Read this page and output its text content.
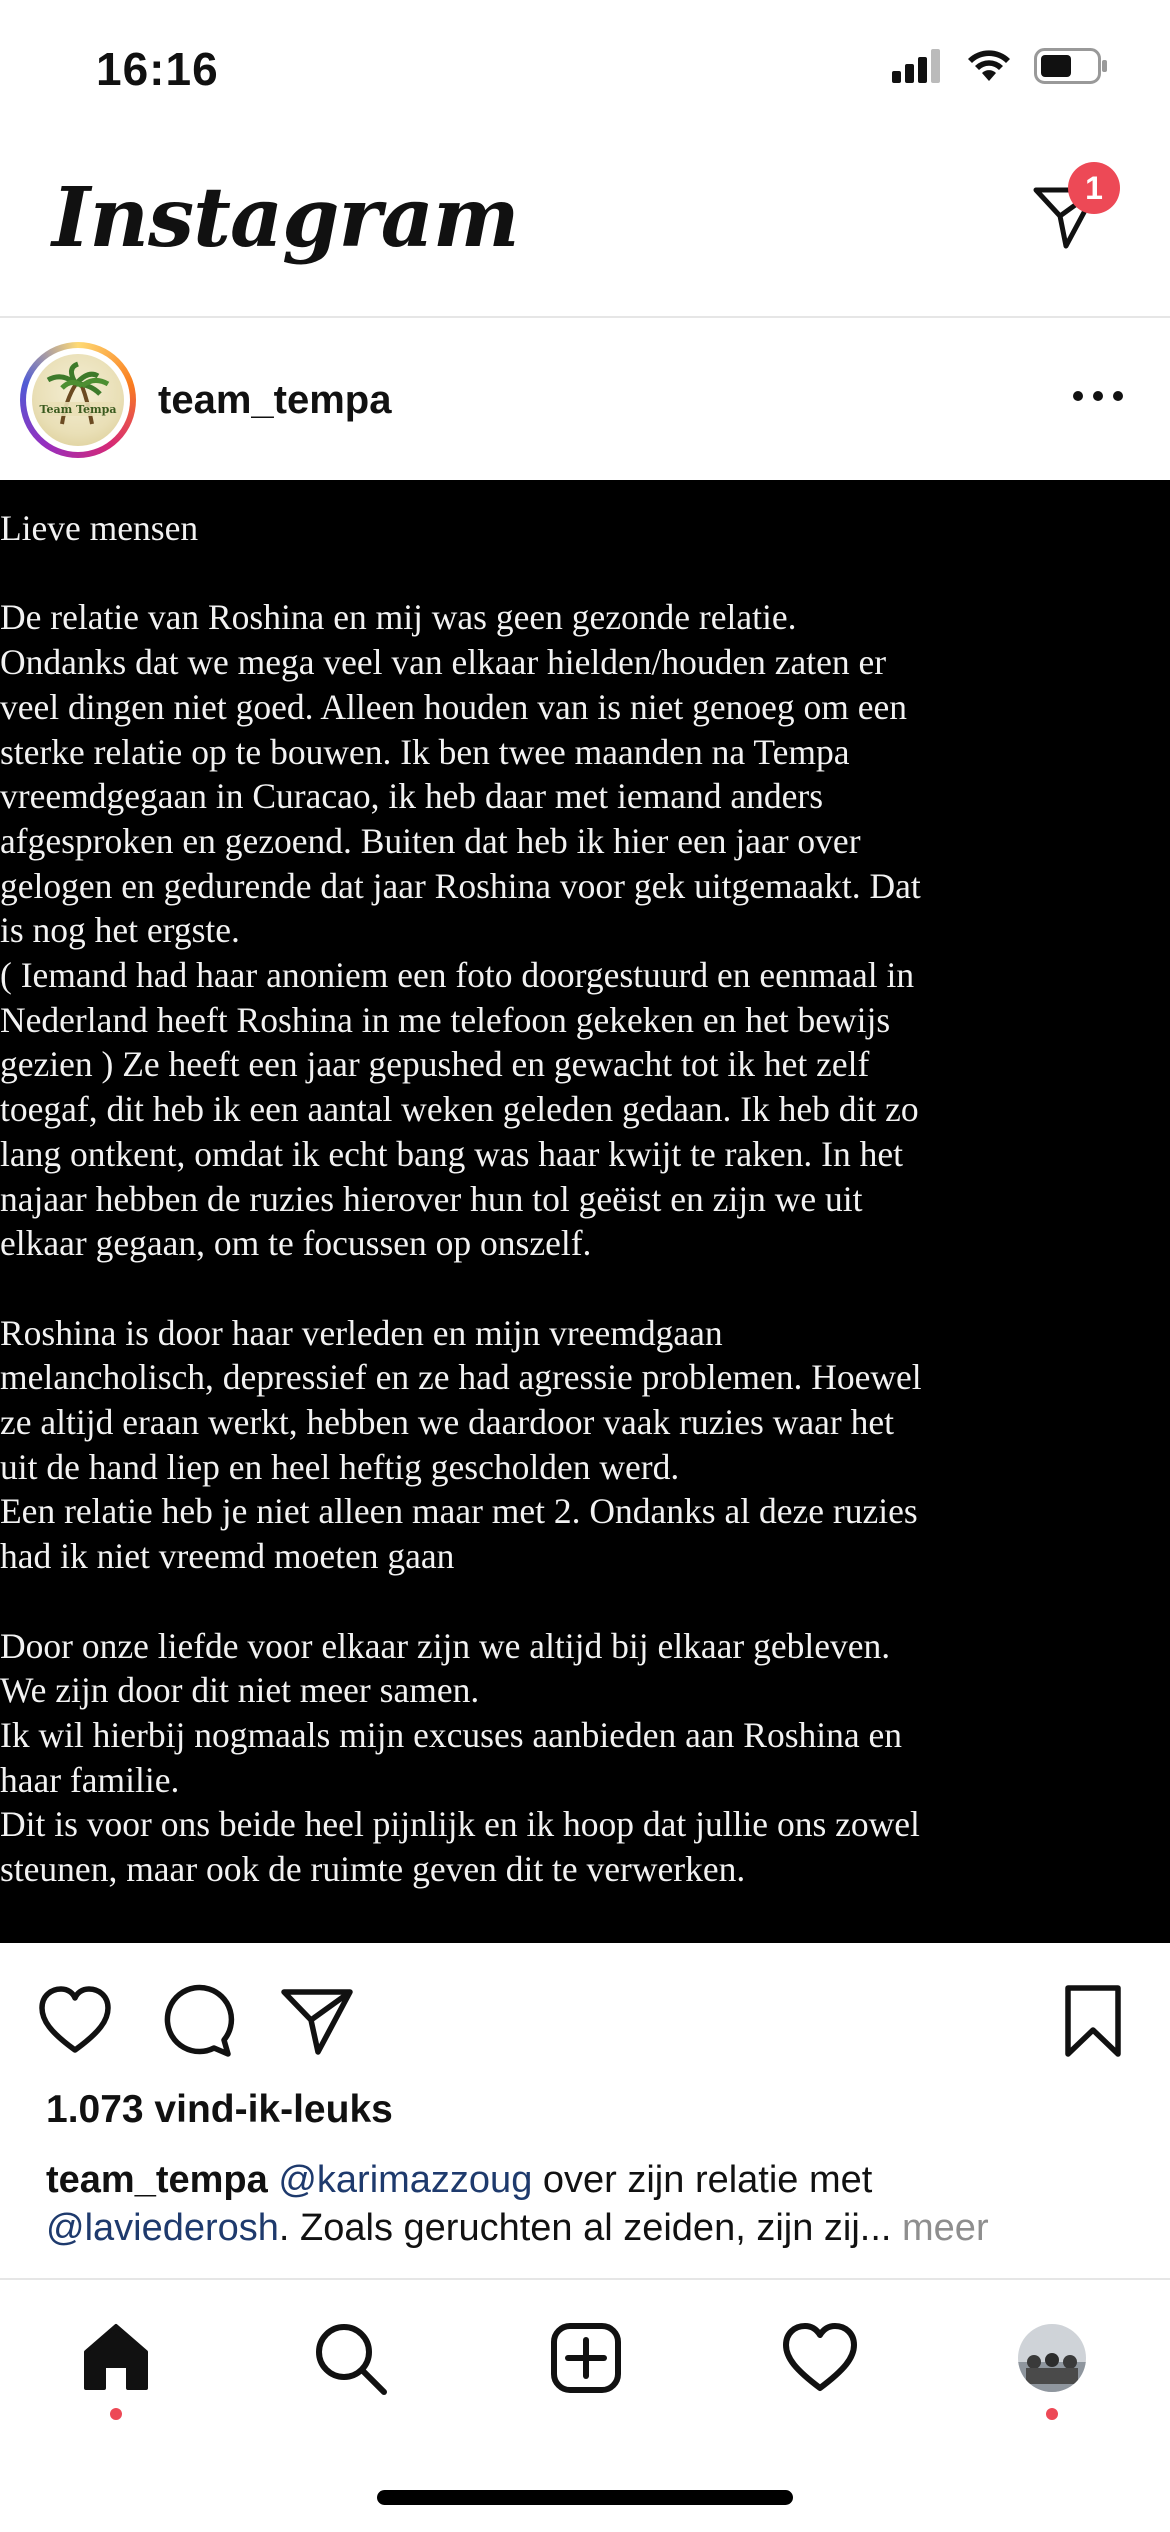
16:16
Instagram	1
Team Tempa team_tempa
Lieve mensen

De relatie van Roshina en mij was geen gezonde relatie.
Ondanks dat we mega veel van elkaar hielden/houden zaten er
veel dingen niet goed. Alleen houden van is niet genoeg om een
sterke relatie op te bouwen. Ik ben twee maanden na Tempa
vreemdgegaan in Curacao, ik heb daar met iemand anders
afgesproken en gezoend. Buiten dat heb ik hier een jaar over
gelogen en gedurende dat jaar Roshina voor gek uitgemaakt. Dat
is nog het ergste.
( Iemand had haar anoniem een foto doorgestuurd en eenmaal in
Nederland heeft Roshina in me telefoon gekeken en het bewijs
gezien ) Ze heeft een jaar gepushed en gewacht tot ik het zelf
toegaf, dit heb ik een aantal weken geleden gedaan. Ik heb dit zo
lang ontkent, omdat ik echt bang was haar kwijt te raken. In het
najaar hebben de ruzies hierover hun tol geëist en zijn we uit
elkaar gegaan, om te focussen op onszelf.

Roshina is door haar verleden en mijn vreemdgaan
melancholisch, depressief en ze had agressie problemen. Hoewel
ze altijd eraan werkt, hebben we daardoor vaak ruzies waar het
uit de hand liep en heel heftig gescholden werd.
Een relatie heb je niet alleen maar met 2. Ondanks al deze ruzies
had ik niet vreemd moeten gaan

Door onze liefde voor elkaar zijn we altijd bij elkaar gebleven.
We zijn door dit niet meer samen.
Ik wil hierbij nogmaals mijn excuses aanbieden aan Roshina en
haar familie.
Dit is voor ons beide heel pijnlijk en ik hoop dat jullie ons zowel
steunen, maar ook de ruimte geven dit te verwerken.
1.073 vind-ik-leuks
team_tempa @karimazzoug over zijn relatie met
@laviederosh. Zoals geruchten al zeiden, zijn zij... meer
